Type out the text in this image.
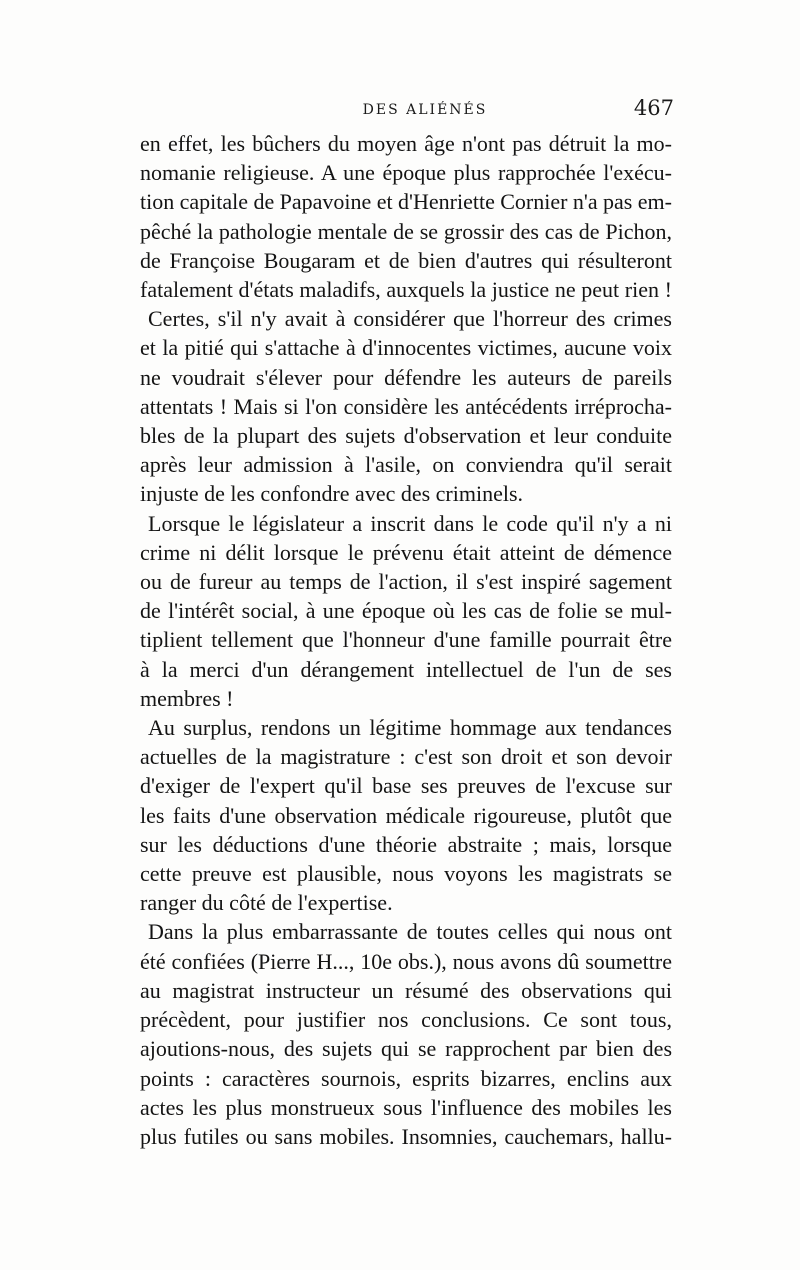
DES ALIÉNÉS	467

en effet, les bûchers du moyen âge n'ont pas détruit la mo-
nomanie religieuse. A une époque plus rapprochée l'exécu-
tion capitale de Papavoine et d'Henriette Cornier n'a pas em-
pêché la pathologie mentale de se grossir des cas de Pichon,
de Françoise Bougaram et de bien d'autres qui résulteront
fatalement d'états maladifs, auxquels la justice ne peut rien !

Certes, s'il n'y avait à considérer que l'horreur des crimes
et la pitié qui s'attache à d'innocentes victimes, aucune voix
ne voudrait s'élever pour défendre les auteurs de pareils
attentats ! Mais si l'on considère les antécédents irrépr​ocha-
bles de la plupart des sujets d'observation et leur conduite
après leur admission à l'asile, on conviendra qu'il serait
injuste de les confondre avec des criminels.

Lorsque le législateur a inscrit dans le code qu'il n'y a ni
crime ni délit lorsque le prévenu était atteint de démence
ou de fureur au temps de l'action, il s'est inspiré sagement
de l'intérêt social, à une époque où les cas de folie se mul-
tiplient tellement que l'honneur d'une famille pourrait être
à la merci d'un dérangement intellectuel de l'un de ses
membres !

Au surplus, rendons un légitime hommage aux tendances
actuelles de la magistrature : c'est son droit et son devoir
d'exiger de l'expert qu'il base ses preuves de l'excuse sur
les faits d'une observation médicale rigoureuse, plutôt que
sur les déductions d'une théorie abstraite ; mais, lorsque
cette preuve est plausible, nous voyons les magistrats se
ranger du côté de l'expertise.

Dans la plus embarrassante de toutes celles qui nous ont
été confiées (Pierre H..., 10e obs.), nous avons dû soumettre
au magistrat instructeur un résumé des observations qui
précèdent, pour justifier nos conclusions. Ce sont tous,
ajoutions-nous, des sujets qui se rapprochent par bien des
points : caractères sournois, esprits bizarres, enclins aux
actes les plus monstrueux sous l'influence des mobiles les
plus futiles ou sans mobiles. Insomnies, cauchemars, hallu-
